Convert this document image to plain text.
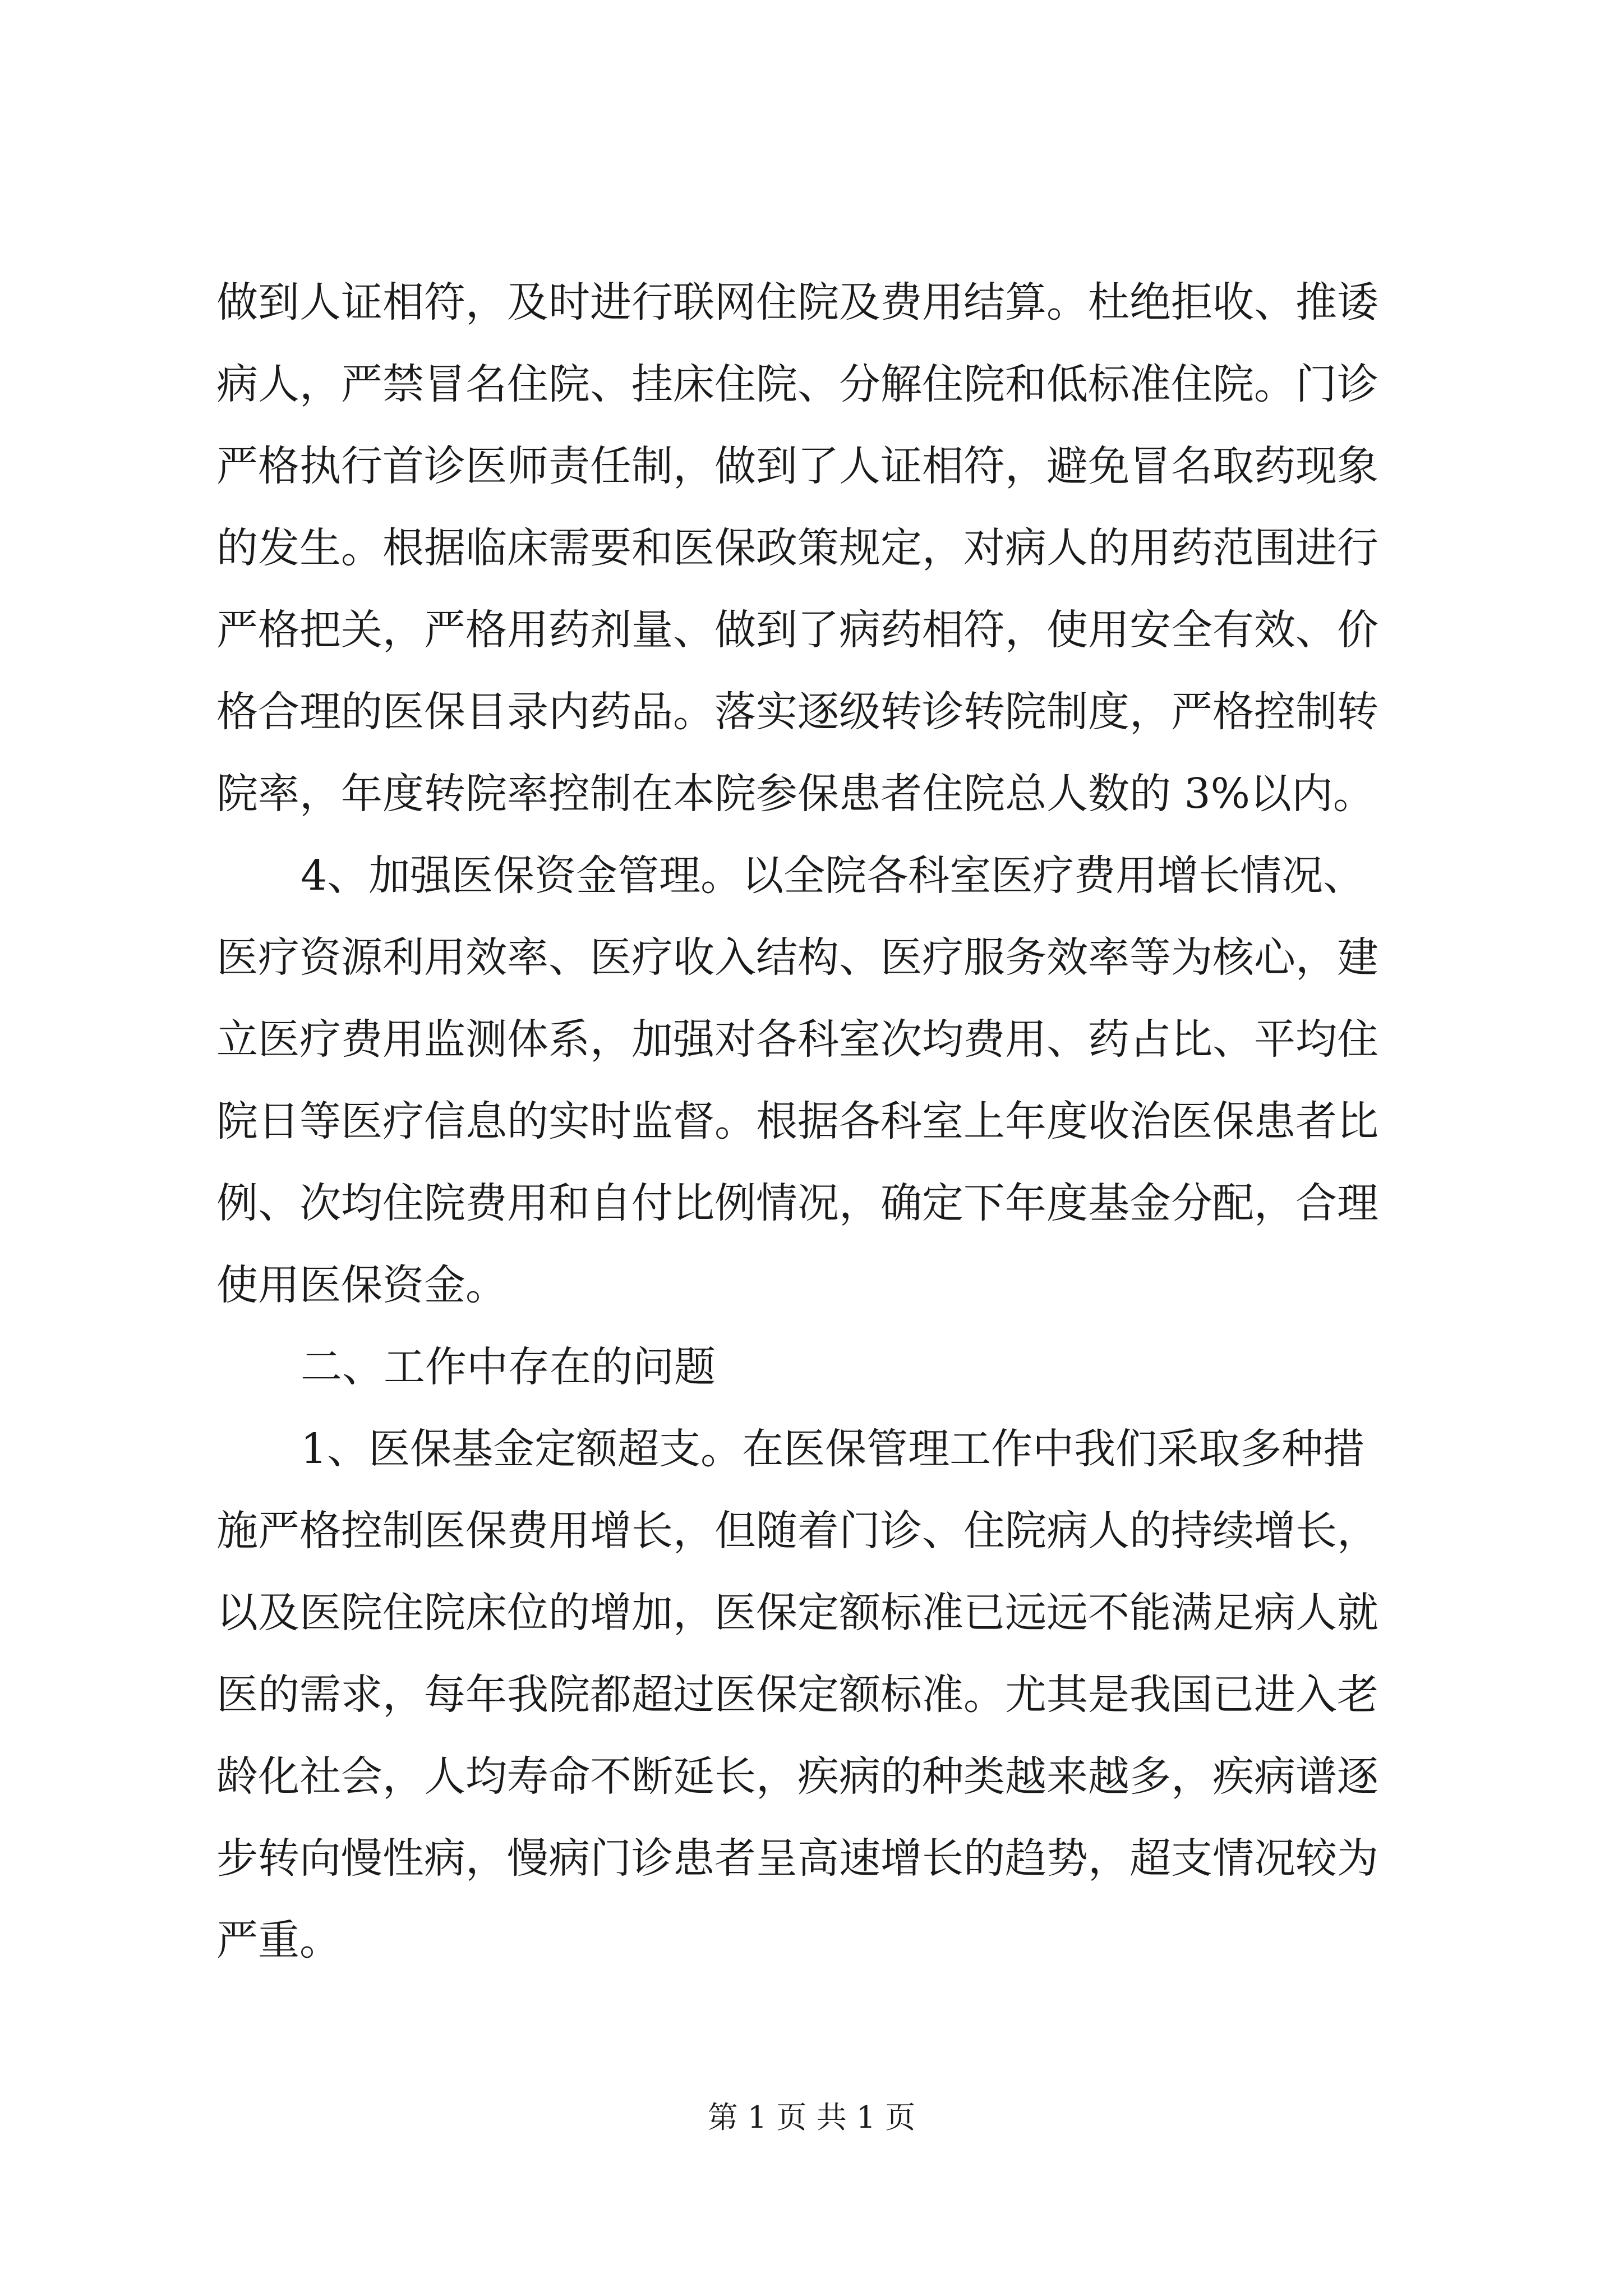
做到人证相符，及时进行联网住院及费用结算。杜绝拒收、推诿
病人，严禁冒名住院、挂床住院、分解住院和低标准住院。门诊
严格执行首诊医师责任制，做到了人证相符，避免冒名取药现象
的发生。根据临床需要和医保政策规定，对病人的用药范围进行
严格把关，严格用药剂量、做到了病药相符，使用安全有效、价
格合理的医保目录内药品。落实逐级转诊转院制度，严格控制转
院率，年度转院率控制在本院参保患者住院总人数的 3%以内。
4、加强医保资金管理。以全院各科室医疗费用增长情况、
医疗资源利用效率、医疗收入结构、医疗服务效率等为核心，建
立医疗费用监测体系，加强对各科室次均费用、药占比、平均住
院日等医疗信息的实时监督。根据各科室上年度收治医保患者比
例、次均住院费用和自付比例情况，确定下年度基金分配，合理
使用医保资金。
二、工作中存在的问题
1、医保基金定额超支。在医保管理工作中我们采取多种措
施严格控制医保费用增长，但随着门诊、住院病人的持续增长，
以及医院住院床位的增加，医保定额标准已远远不能满足病人就
医的需求，每年我院都超过医保定额标准。尤其是我国已进入老
龄化社会，人均寿命不断延长，疾病的种类越来越多，疾病谱逐
步转向慢性病，慢病门诊患者呈高速增长的趋势，超支情况较为
严重。
第 1 页 共 1 页
